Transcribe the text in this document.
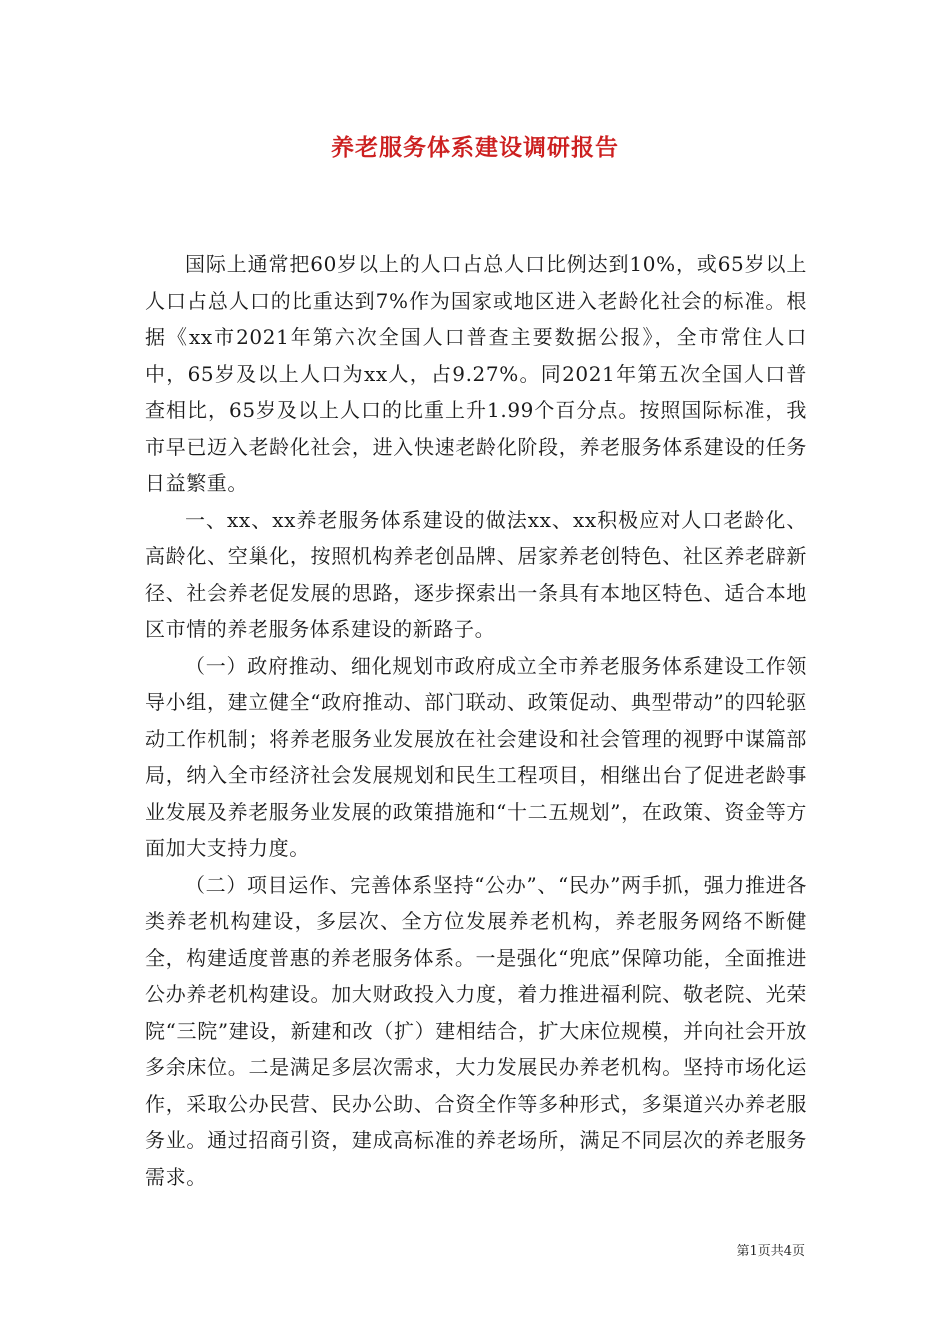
养老服务体系建设调研报告

国际上通常把60岁以上的人口占总人口比例达到10%，或65岁以上人口占总人口的比重达到7%作为国家或地区进入老龄化社会的标准。根据《xx市2021年第六次全国人口普查主要数据公报》，全市常住人口中，65岁及以上人口为xx人，占9.27%。同2021年第五次全国人口普查相比，65岁及以上人口的比重上升1.99个百分点。按照国际标准，我市早已迈入老龄化社会，进入快速老龄化阶段，养老服务体系建设的任务日益繁重。

一、xx、xx养老服务体系建设的做法xx、xx积极应对人口老龄化、高龄化、空巢化，按照机构养老创品牌、居家养老创特色、社区养老辟新径、社会养老促发展的思路，逐步探索出一条具有本地区特色、适合本地区市情的养老服务体系建设的新路子。

（一）政府推动、细化规划市政府成立全市养老服务体系建设工作领导小组，建立健全“政府推动、部门联动、政策促动、典型带动”的四轮驱动工作机制；将养老服务业发展放在社会建设和社会管理的视野中谋篇部局，纳入全市经济社会发展规划和民生工程项目，相继出台了促进老龄事业发展及养老服务业发展的政策措施和“十二五规划”，在政策、资金等方面加大支持力度。

（二）项目运作、完善体系坚持“公办”、“民办”两手抓，强力推进各类养老机构建设，多层次、全方位发展养老机构，养老服务网络不断健全，构建适度普惠的养老服务体系。一是强化“兜底”保障功能，全面推进公办养老机构建设。加大财政投入力度，着力推进福利院、敬老院、光荣院“三院”建设，新建和改（扩）建相结合，扩大床位规模，并向社会开放多余床位。二是满足多层次需求，大力发展民办养老机构。坚持市场化运作，采取公办民营、民办公助、合资全作等多种形式，多渠道兴办养老服务业。通过招商引资，建成高标准的养老场所，满足不同层次的养老服务需求。

第1页共4页
